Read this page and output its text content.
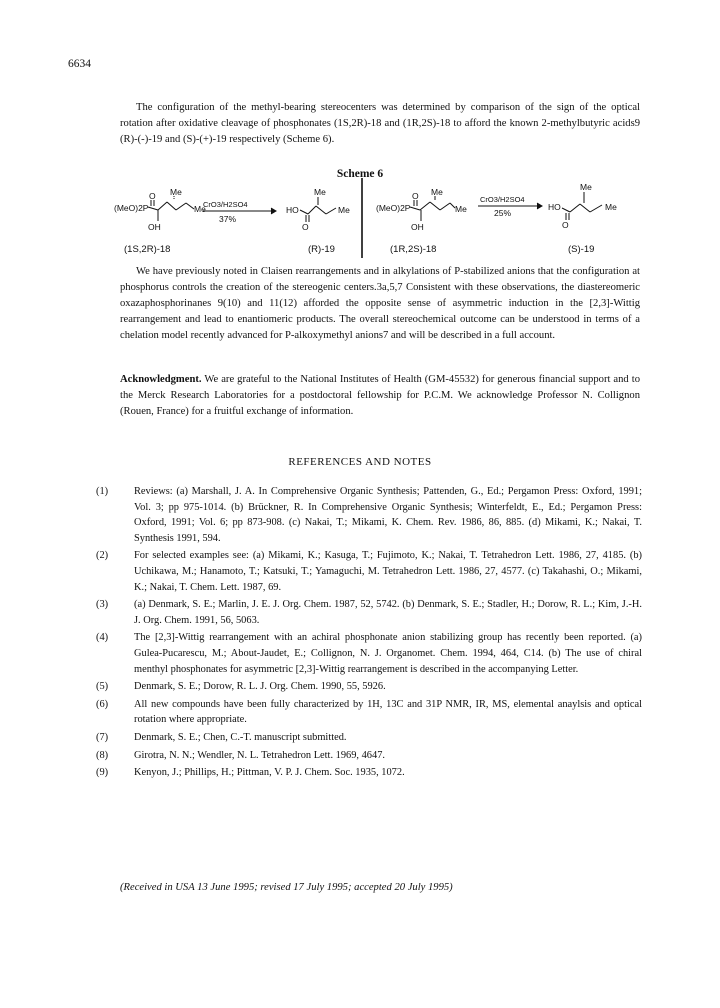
6634
The configuration of the methyl-bearing stereocenters was determined by comparison of the sign of the optical rotation after oxidative cleavage of phosphonates (1S,2R)-18 and (1R,2S)-18 to afford the known 2-methylbutyric acids9 (R)-(-)-19 and (S)-(+)-19 respectively (Scheme 6).
Scheme 6
(MeO)2P
O Me
Me
OH
CrO3/H2SO4
37%
HO
Me
Me
O
(1S,2R)-18	(R)-19
(MeO)2P
O Me
Me
OH
CrO3/H2SO4
25%
HO
Me
Me
O
(1R,2S)-18	(S)-19
We have previously noted in Claisen rearrangements and in alkylations of P-stabilized anions that the configuration at phosphorus controls the creation of the stereogenic centers.3a,5,7 Consistent with these observations, the diastereomeric oxazaphosphorinanes 9(10) and 11(12) afforded the opposite sense of asymmetric induction in the [2,3]-Wittig rearrangement and lead to enantiomeric products. The overall stereochemical outcome can be understood in terms of a chelation model recently advanced for P-alkoxymethyl anions7 and will be described in a full account.
Acknowledgment. We are grateful to the National Institutes of Health (GM-45532) for generous financial support and to the Merck Research Laboratories for a postdoctoral fellowship for P.C.M. We acknowledge Professor N. Collignon (Rouen, France) for a fruitful exchange of information.
REFERENCES AND NOTES
(1)	Reviews: (a) Marshall, J. A. In Comprehensive Organic Synthesis; Pattenden, G., Ed.; Pergamon Press: Oxford, 1991; Vol. 3; pp 975-1014. (b) Brückner, R. In Comprehensive Organic Synthesis; Winterfeldt, E., Ed.; Pergamon Press: Oxford, 1991; Vol. 6; pp 873-908. (c) Nakai, T.; Mikami, K. Chem. Rev. 1986, 86, 885. (d) Mikami, K.; Nakai, T. Synthesis 1991, 594.
(2)	For selected examples see: (a) Mikami, K.; Kasuga, T.; Fujimoto, K.; Nakai, T. Tetrahedron Lett. 1986, 27, 4185. (b) Uchikawa, M.; Hanamoto, T.; Katsuki, T.; Yamaguchi, M. Tetrahedron Lett. 1986, 27, 4577. (c) Takahashi, O.; Mikami, K.; Nakai, T. Chem. Lett. 1987, 69.
(3)	(a) Denmark, S. E.; Marlin, J. E. J. Org. Chem. 1987, 52, 5742. (b) Denmark, S. E.; Stadler, H.; Dorow, R. L.; Kim, J.-H. J. Org. Chem. 1991, 56, 5063.
(4)	The [2,3]-Wittig rearrangement with an achiral phosphonate anion stabilizing group has recently been reported. (a) Gulea-Pucarescu, M.; About-Jaudet, E.; Collignon, N. J. Organomet. Chem. 1994, 464, C14. (b) The use of chiral menthyl phosphonates for asymmetric [2,3]-Wittig rearrangement is described in the accompanying Letter.
(5)	Denmark, S. E.; Dorow, R. L. J. Org. Chem. 1990, 55, 5926.
(6)	All new compounds have been fully characterized by 1H, 13C and 31P NMR, IR, MS, elemental anaylsis and optical rotation where appropriate.
(7)	Denmark, S. E.; Chen, C.-T. manuscript submitted.
(8)	Girotra, N. N.; Wendler, N. L. Tetrahedron Lett. 1969, 4647.
(9)	Kenyon, J.; Phillips, H.; Pittman, V. P. J. Chem. Soc. 1935, 1072.
(Received in USA 13 June 1995; revised 17 July 1995; accepted 20 July 1995)
